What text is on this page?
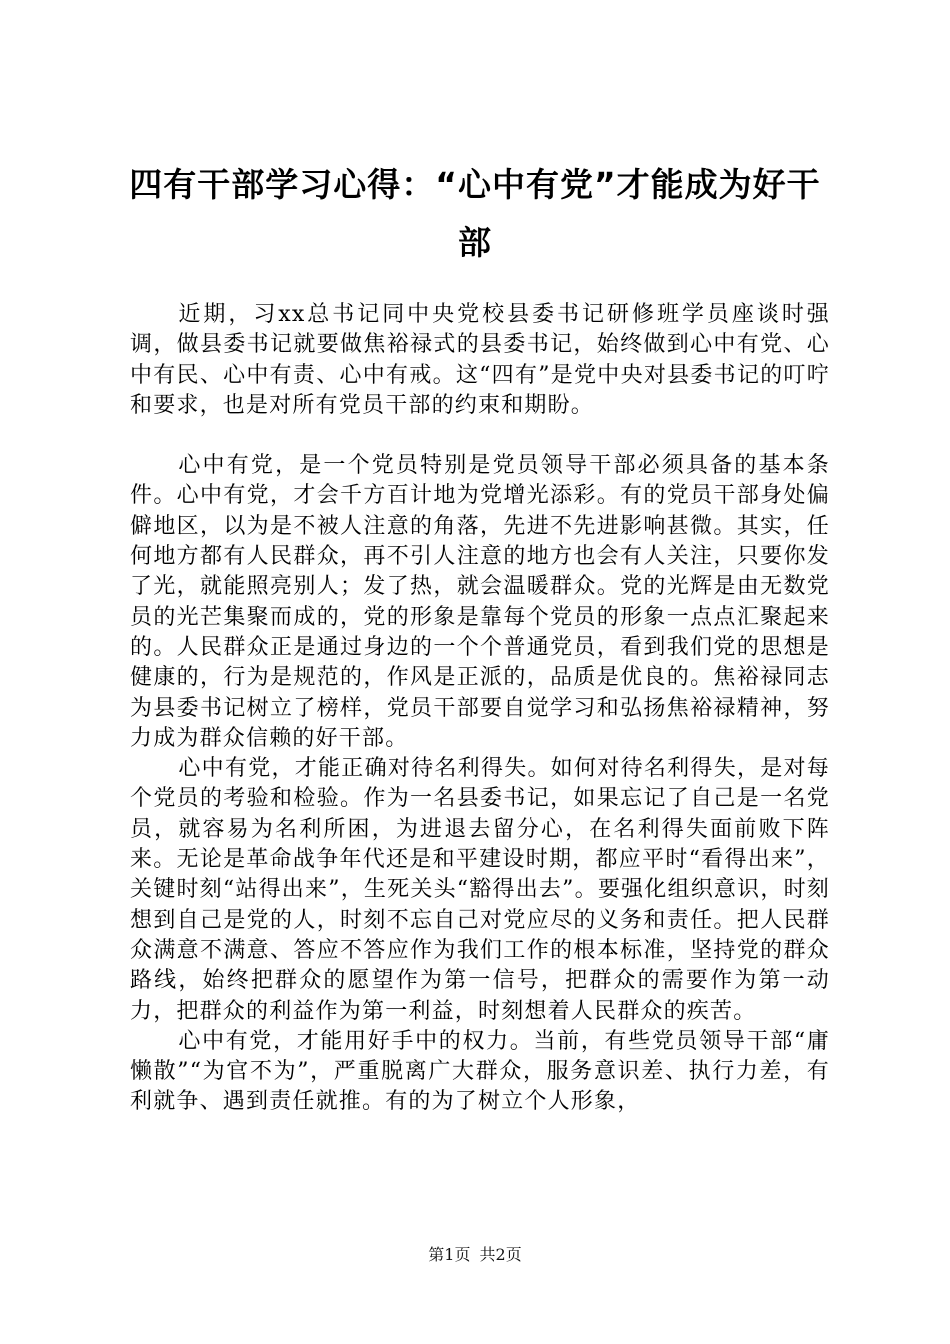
四有干部学习心得：“心中有党”才能成为好干部

近期，习xx总书记同中央党校县委书记研修班学员座谈时强调，做县委书记就要做焦裕禄式的县委书记，始终做到心中有党、心中有民、心中有责、心中有戒。这“四有”是党中央对县委书记的叮咛和要求，也是对所有党员干部的约束和期盼。

心中有党，是一个党员特别是党员领导干部必须具备的基本条件。心中有党，才会千方百计地为党增光添彩。有的党员干部身处偏僻地区，以为是不被人注意的角落，先进不先进影响甚微。其实，任何地方都有人民群众，再不引人注意的地方也会有人关注，只要你发了光，就能照亮别人；发了热，就会温暖群众。党的光辉是由无数党员的光芒集聚而成的，党的形象是靠每个党员的形象一点点汇聚起来的。人民群众正是通过身边的一个个普通党员，看到我们党的思想是健康的，行为是规范的，作风是正派的，品质是优良的。焦裕禄同志为县委书记树立了榜样，党员干部要自觉学习和弘扬焦裕禄精神，努力成为群众信赖的好干部。

心中有党，才能正确对待名利得失。如何对待名利得失，是对每个党员的考验和检验。作为一名县委书记，如果忘记了自己是一名党员，就容易为名利所困，为进退去留分心，在名利得失面前败下阵来。无论是革命战争年代还是和平建设时期，都应平时“看得出来”，关键时刻“站得出来”，生死关头“豁得出去”。要强化组织意识，时刻想到自己是党的人，时刻不忘自己对党应尽的义务和责任。把人民群众满意不满意、答应不答应作为我们工作的根本标准，坚持党的群众路线，始终把群众的愿望作为第一信号，把群众的需要作为第一动力，把群众的利益作为第一利益，时刻想着人民群众的疾苦。

心中有党，才能用好手中的权力。当前，有些党员领导干部“庸懒散”“为官不为”，严重脱离广大群众，服务意识差、执行力差，有利就争、遇到责任就推。有的为了树立个人形象，

第1页 共2页
